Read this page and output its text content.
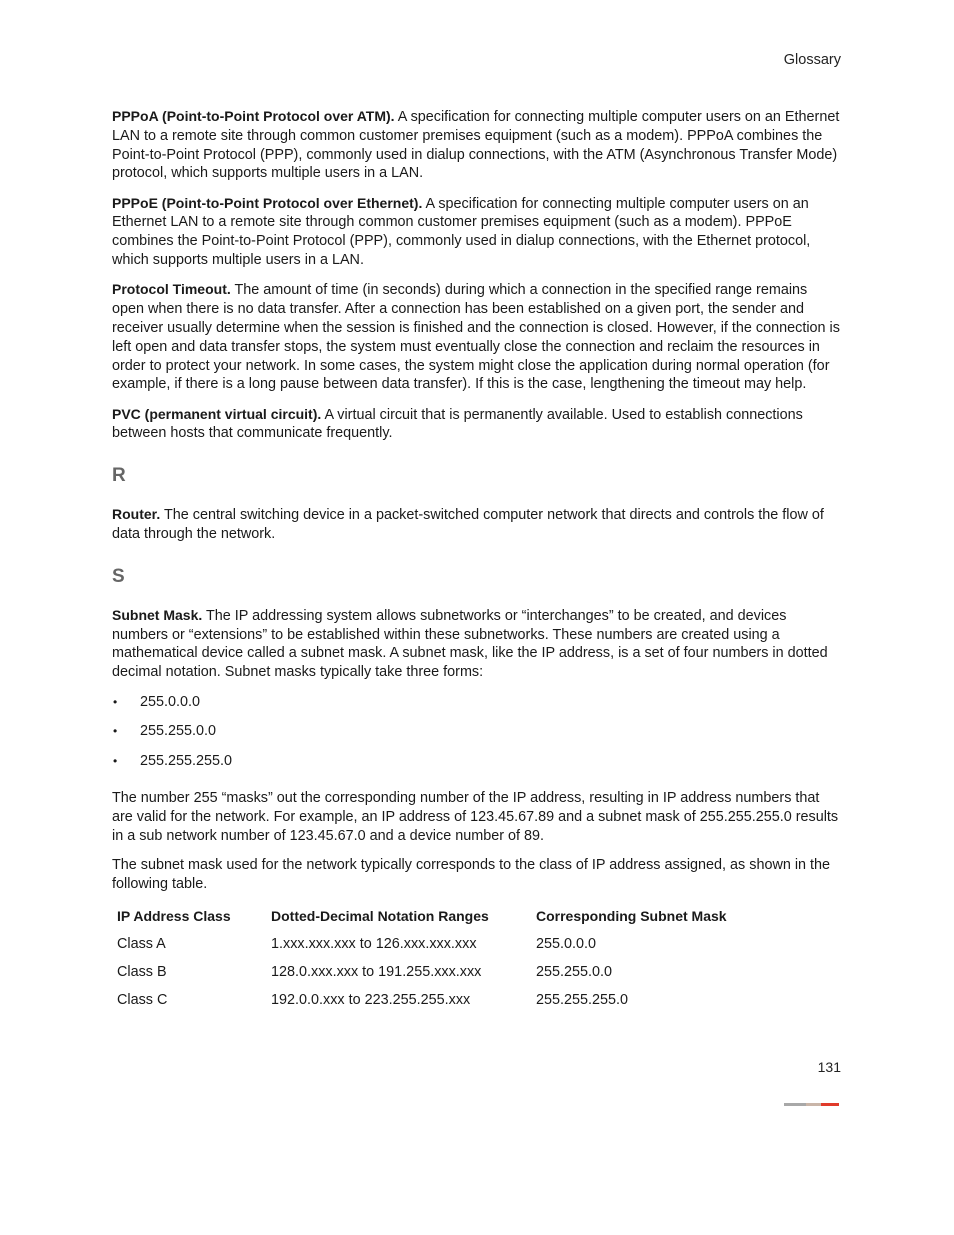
Glossary
PPPoA (Point-to-Point Protocol over ATM). A specification for connecting multiple computer users on an Ethernet LAN to a remote site through common customer premises equipment (such as a modem). PPPoA combines the Point-to-Point Protocol (PPP), commonly used in dialup connections, with the ATM (Asynchronous Transfer Mode) protocol, which supports multiple users in a LAN.
PPPoE (Point-to-Point Protocol over Ethernet). A specification for connecting multiple computer users on an Ethernet LAN to a remote site through common customer premises equipment (such as a modem). PPPoE combines the Point-to-Point Protocol (PPP), commonly used in dialup connections, with the Ethernet protocol, which supports multiple users in a LAN.
Protocol Timeout. The amount of time (in seconds) during which a connection in the specified range remains open when there is no data transfer. After a connection has been established on a given port, the sender and receiver usually determine when the session is finished and the connection is closed. However, if the connection is left open and data transfer stops, the system must eventually close the connection and reclaim the resources in order to protect your network. In some cases, the system might close the application during normal operation (for example, if there is a long pause between data transfer). If this is the case, lengthening the timeout may help.
PVC (permanent virtual circuit). A virtual circuit that is permanently available. Used to establish connections between hosts that communicate frequently.
R
Router. The central switching device in a packet-switched computer network that directs and controls the flow of data through the network.
S
Subnet Mask. The IP addressing system allows subnetworks or “interchanges” to be created, and devices numbers or “extensions” to be established within these subnetworks. These numbers are created using a mathematical device called a subnet mask. A subnet mask, like the IP address, is a set of four numbers in dotted decimal notation. Subnet masks typically take three forms:
• 255.0.0.0
• 255.255.0.0
• 255.255.255.0
The number 255 “masks” out the corresponding number of the IP address, resulting in IP address numbers that are valid for the network. For example, an IP address of 123.45.67.89 and a subnet mask of 255.255.255.0 results in a sub network number of 123.45.67.0 and a device number of 89.
The subnet mask used for the network typically corresponds to the class of IP address assigned, as shown in the following table.
IP Address Class	Dotted-Decimal Notation Ranges	Corresponding Subnet Mask
Class A	1.xxx.xxx.xxx to 126.xxx.xxx.xxx	255.0.0.0
Class B	128.0.xxx.xxx to 191.255.xxx.xxx	255.255.0.0
Class C	192.0.0.xxx to 223.255.255.xxx	255.255.255.0
131
